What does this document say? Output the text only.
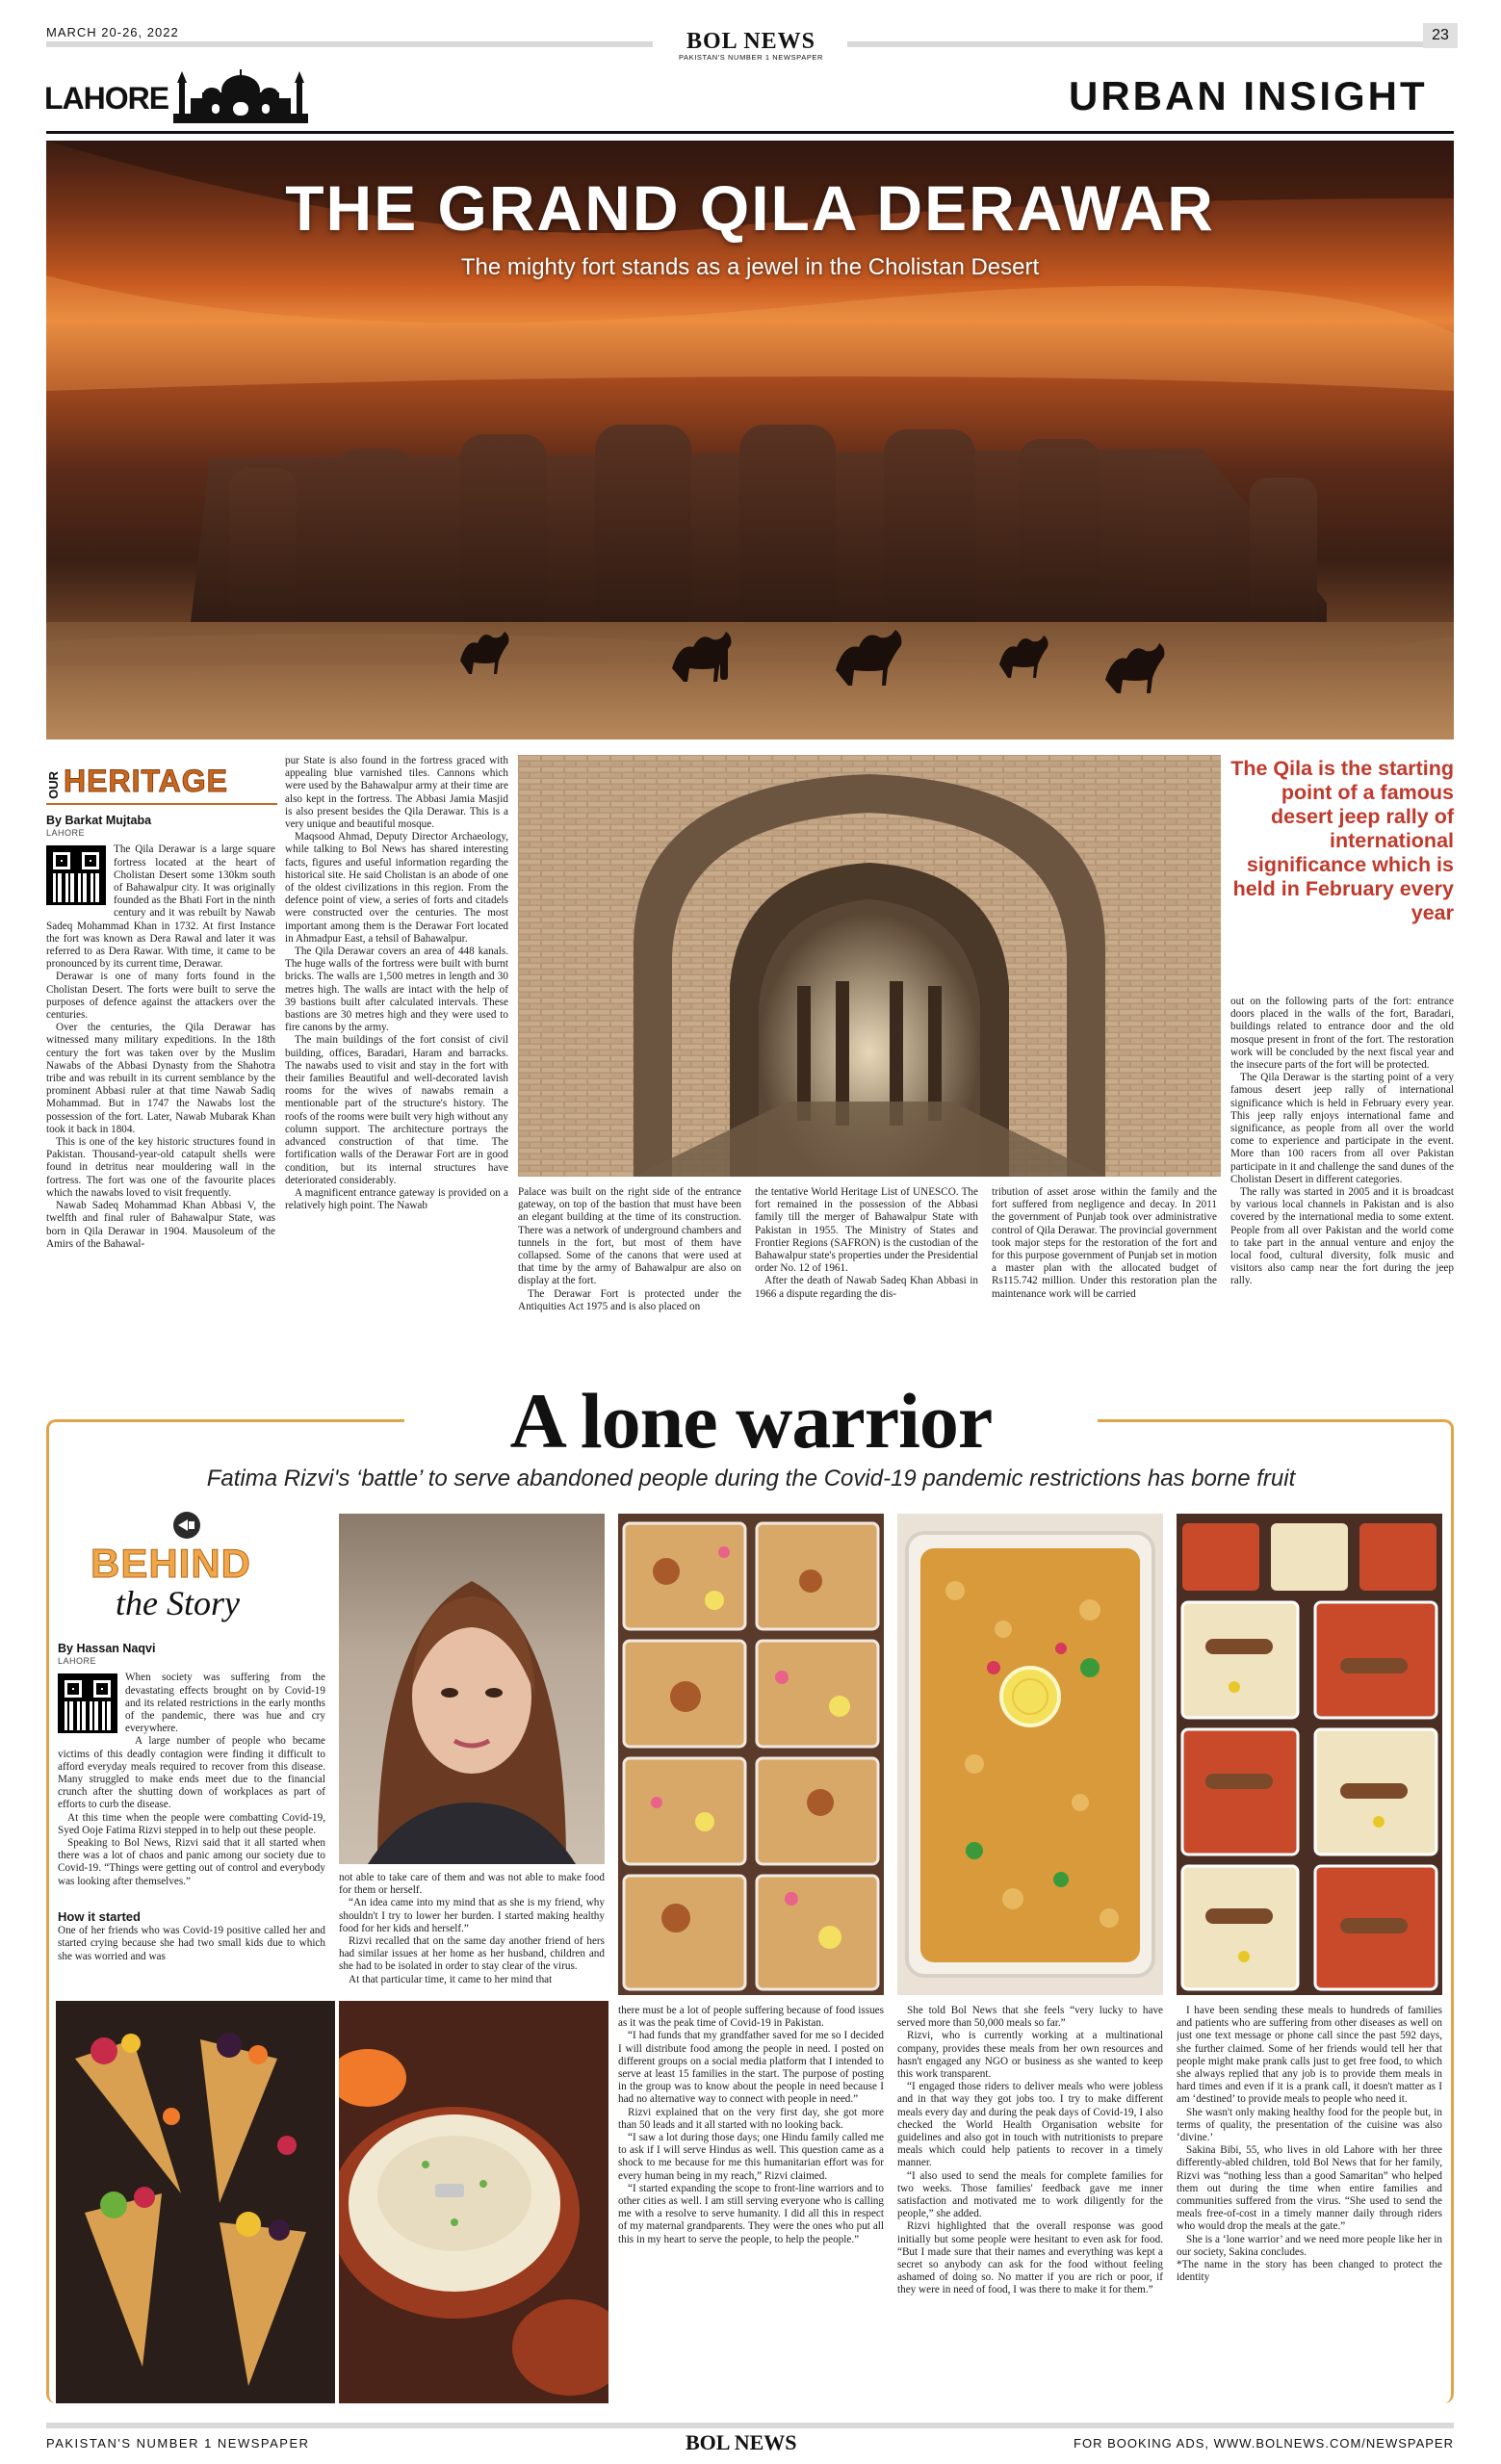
MARCH 20-26, 2022	BOL NEWS
PAKISTAN'S NUMBER 1 NEWSPAPER
23
LAHORE	URBAN INSIGHT
THE GRAND QILA DERAWAR
The mighty fort stands as a jewel in the Cholistan Desert
OUR HERITAGE
By Barkat Mujtaba
LAHORE

The Qila Derawar is a large square fortress located at the heart of Cholistan Desert some 130km south of Bahawalpur city. It was originally founded as the Bhati Fort in the ninth century and it was rebuilt by Nawab Sadeq Mohammad Khan in 1732. At first Instance the fort was known as Dera Rawal and later it was referred to as Dera Rawar. With time, it came to be pronounced by its current time, Derawar.

Derawar is one of many forts found in the Cholistan Desert. The forts were built to serve the purposes of defence against the attackers over the centuries.

Over the centuries, the Qila Derawar has witnessed many military expeditions. In the 18th century the fort was taken over by the Muslim Nawabs of the Abbasi Dynasty from the Shahotra tribe and was rebuilt in its current semblance by the prominent Abbasi ruler at that time Nawab Sadiq Mohammad. But in 1747 the Nawabs lost the possession of the fort. Later, Nawab Mubarak Khan took it back in 1804.

This is one of the key historic structures found in Pakistan. Thousand-year-old catapult shells were found in detritus near mouldering wall in the fortress. The fort was one of the favourite places which the nawabs loved to visit frequently.

Nawab Sadeq Mohammad Khan Abbasi V, the twelfth and final ruler of Bahawalpur State, was born in Qila Derawar in 1904. Mausoleum of the Amirs of the Bahawal-

pur State is also found in the fortress graced with appealing blue varnished tiles. Cannons which were used by the Bahawalpur army at their time are also kept in the fortress. The Abbasi Jamia Masjid is also present besides the Qila Derawar. This is a very unique and beautiful mosque.

Maqsood Ahmad, Deputy Director Archaeology, while talking to Bol News has shared interesting facts, figures and useful information regarding the historical site. He said Cholistan is an abode of one of the oldest civilizations in this region. From the defence point of view, a series of forts and citadels were constructed over the centuries. The most important among them is the Derawar Fort located in Ahmadpur East, a tehsil of Bahawalpur.

The Qila Derawar covers an area of 448 kanals. The huge walls of the fortress were built with burnt bricks. The walls are 1,500 metres in length and 30 metres high. The walls are intact with the help of 39 bastions built after calculated intervals. These bastions are 30 metres high and they were used to fire canons by the army.

The main buildings of the fort consist of civil building, offices, Baradari, Haram and barracks. The nawabs used to visit and stay in the fort with their families Beautiful and well-decorated lavish rooms for the wives of nawabs remain a mentionable part of the structure's history. The roofs of the rooms were built very high without any column support. The architecture portrays the advanced construction of that time. The fortification walls of the Derawar Fort are in good condition, but its internal structures have deteriorated considerably.

A magnificent entrance gateway is provided on a relatively high point. The Nawab

Palace was built on the right side of the entrance gateway, on top of the bastion that must have been an elegant building at the time of its construction. There was a network of underground chambers and tunnels in the fort, but most of them have collapsed. Some of the canons that were used at that time by the army of Bahawalpur are also on display at the fort.

The Derawar Fort is protected under the Antiquities Act 1975 and is also placed on

the tentative World Heritage List of UNESCO. The fort remained in the possession of the Abbasi family till the merger of Bahawalpur State with Pakistan in 1955. The Ministry of States and Frontier Regions (SAFRON) is the custodian of the Bahawalpur state's properties under the Presidential order No. 12 of 1961.

After the death of Nawab Sadeq Khan Abbasi in 1966 a dispute regarding the dis-

tribution of asset arose within the family and the fort suffered from negligence and decay. In 2011 the government of Punjab took over administrative control of Qila Derawar. The provincial government took major steps for the restoration of the fort and for this purpose government of Punjab set in motion a master plan with the allocated budget of Rs115.742 million. Under this restoration plan the maintenance work will be carried

The Qila is the starting point of a famous desert jeep rally of international significance which is held in February every year

out on the following parts of the fort: entrance doors placed in the walls of the fort, Baradari, buildings related to entrance door and the old mosque present in front of the fort. The restoration work will be concluded by the next fiscal year and the insecure parts of the fort will be protected.

The Qila Derawar is the starting point of a very famous desert jeep rally of international significance which is held in February every year. This jeep rally enjoys international fame and significance, as people from all over the world come to experience and participate in the event. More than 100 racers from all over Pakistan participate in it and challenge the sand dunes of the Cholistan Desert in different categories.

The rally was started in 2005 and it is broadcast by various local channels in Pakistan and is also covered by the international media to some extent. People from all over Pakistan and the world come to take part in the annual venture and enjoy the local food, cultural diversity, folk music and visitors also camp near the fort during the jeep rally.

A lone warrior
Fatima Rizvi's ‘battle’ to serve abandoned people during the Covid-19 pandemic restrictions has borne fruit
BEHIND
the Story
By Hassan Naqvi
LAHORE

When society was suffering from the devastating effects brought on by Covid-19 and its related restrictions in the early months of the pandemic, there was hue and cry everywhere.

A large number of people who became victims of this deadly contagion were finding it difficult to afford everyday meals required to recover from this disease. Many struggled to make ends meet due to the financial crunch after the shutting down of workplaces as part of efforts to curb the disease.

At this time when the people were combatting Covid-19, Syed Ooje Fatima Rizvi stepped in to help out these people.

Speaking to Bol News, Rizvi said that it all started when there was a lot of chaos and panic among our society due to Covid-19. “Things were getting out of control and everybody was looking after themselves.”

How it started

One of her friends who was Covid-19 positive called her and started crying because she had two small kids due to which she was worried and was

not able to take care of them and was not able to make food for them or herself.

“An idea came into my mind that as she is my friend, why shouldn't I try to lower her burden. I started making healthy food for her kids and herself.”

Rizvi recalled that on the same day another friend of hers had similar issues at her home as her husband, children and she had to be isolated in order to stay clear of the virus.

At that particular time, it came to her mind that

there must be a lot of people suffering because of food issues as it was the peak time of Covid-19 in Pakistan.

“I had funds that my grandfather saved for me so I decided I will distribute food among the people in need. I posted on different groups on a social media platform that I intended to serve at least 15 families in the start. The purpose of posting in the group was to know about the people in need because I had no alternative way to connect with people in need.”

Rizvi explained that on the very first day, she got more than 50 leads and it all started with no looking back.

“I saw a lot during those days; one Hindu family called me to ask if I will serve Hindus as well. This question came as a shock to me because for me this humanitarian effort was for every human being in my reach,” Rizvi claimed.

“I started expanding the scope to front-line warriors and to other cities as well. I am still serving everyone who is calling me with a resolve to serve humanity. I did all this in respect of my maternal grandparents. They were the ones who put all this in my heart to serve the people, to help the people.”

She told Bol News that she feels “very lucky to have served more than 50,000 meals so far.”

Rizvi, who is currently working at a multinational company, provides these meals from her own resources and hasn't engaged any NGO or business as she wanted to keep this work transparent.

“I engaged those riders to deliver meals who were jobless and in that way they got jobs too. I try to make different meals every day and during the peak days of Covid-19, I also checked the World Health Organisation website for guidelines and also got in touch with nutritionists to prepare meals which could help patients to recover in a timely manner.

“I also used to send the meals for complete families for two weeks. Those families' feedback gave me inner satisfaction and motivated me to work diligently for the people,” she added.

Rizvi highlighted that the overall response was good initially but some people were hesitant to even ask for food. “But I made sure that their names and everything was kept a secret so anybody can ask for the food without feeling ashamed of doing so. No matter if you are rich or poor, if they were in need of food, I was there to make it for them.”

I have been sending these meals to hundreds of families and patients who are suffering from other diseases as well on just one text message or phone call since the past 592 days, she further claimed. Some of her friends would tell her that people might make prank calls just to get free food, to which she always replied that any job is to provide them meals in hard times and even if it is a prank call, it doesn't matter as I am ‘destined’ to provide meals to people who need it.

She wasn't only making healthy food for the people but, in terms of quality, the presentation of the cuisine was also ‘divine.’

Sakina Bibi, 55, who lives in old Lahore with her three differently-abled children, told Bol News that for her family, Rizvi was “nothing less than a good Samaritan” who helped them out during the time when entire families and communities suffered from the virus. “She used to send the meals free-of-cost in a timely manner daily through riders who would drop the meals at the gate.”

She is a ‘lone warrior’ and we need more people like her in our society, Sakina concludes.

*The name in the story has been changed to protect the identity

PAKISTAN'S NUMBER 1 NEWSPAPER	BOL NEWS	FOR BOOKING ADS, WWW.BOLNEWS.COM/NEWSPAPER
